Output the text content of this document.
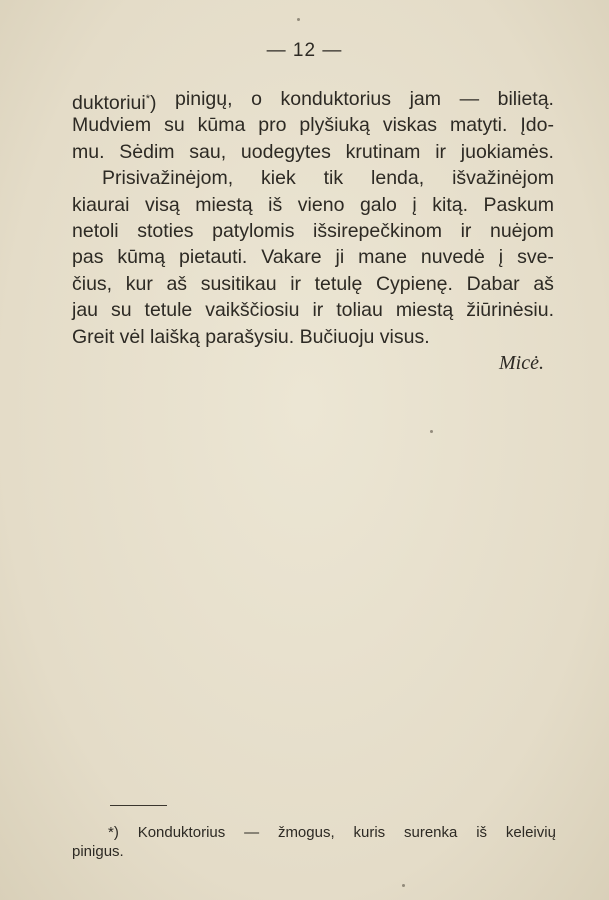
— 12 —
duktoriui*) pinigų, o konduktorius jam — bilietą.
Mudviem su kūma pro plyšiuką viskas matyti. Įdo-
mu. Sėdim sau, uodegytes krutinam ir juokiamės.
Prisivažinėjom, kiek tik lenda, išvažinėjom
kiaurai visą miestą iš vieno galo į kitą. Paskum
netoli stoties patylomis išsirepečkinom ir nuėjom
pas kūmą pietauti. Vakare ji mane nuvedė į sve-
čius, kur aš susitikau ir tetulę Cypienę. Dabar aš
jau su tetule vaikščiosiu ir toliau miestą žiūrinėsiu.
Greit vėl laišką parašysiu. Bučiuoju visus.
Micė.
*) Konduktorius — žmogus, kuris surenka iš keleivių
pinigus.
